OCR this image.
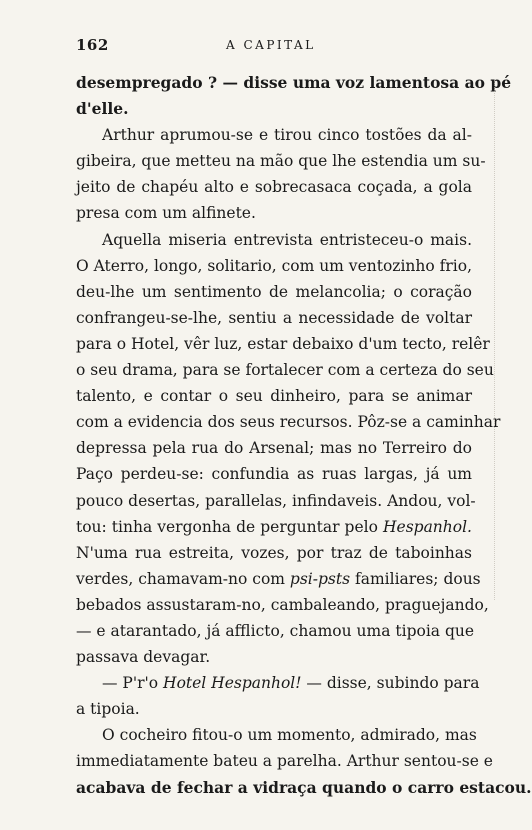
162	A CAPITAL
desempregado ? — disse uma voz lamentosa ao pé
d'elle.
Arthur aprumou-se e tirou cinco tostões da al-
gibeira, que metteu na mão que lhe estendia um su-
jeito de chapéu alto e sobrecasaca coçada, a gola
presa com um alfinete.
Aquella miseria entrevista entristeceu-o mais.
O Aterro, longo, solitario, com um ventozinho frio,
deu-lhe um sentimento de melancolia; o coração
confrangeu-se-lhe, sentiu a necessidade de voltar
para o Hotel, vêr luz, estar debaixo d'um tecto, relêr
o seu drama, para se fortalecer com a certeza do seu
talento, e contar o seu dinheiro, para se animar
com a evidencia dos seus recursos. Pôz-se a caminhar
depressa pela rua do Arsenal; mas no Terreiro do
Paço perdeu-se: confundia as ruas largas, já um
pouco desertas, parallelas, infindaveis. Andou, vol-
tou: tinha vergonha de perguntar pelo Hespanhol.
N'uma rua estreita, vozes, por traz de taboinhas
verdes, chamavam-no com psi-psts familiares; dous
bebados assustaram-no, cambaleando, praguejando,
— e atarantado, já afflicto, chamou uma tipoia que
passava devagar.
— P'r'o Hotel Hespanhol! — disse, subindo para
a tipoia.
O cocheiro fitou-o um momento, admirado, mas
immediatamente bateu a parelha. Arthur sentou-se e
acabava de fechar a vidraça quando o carro estacou.
